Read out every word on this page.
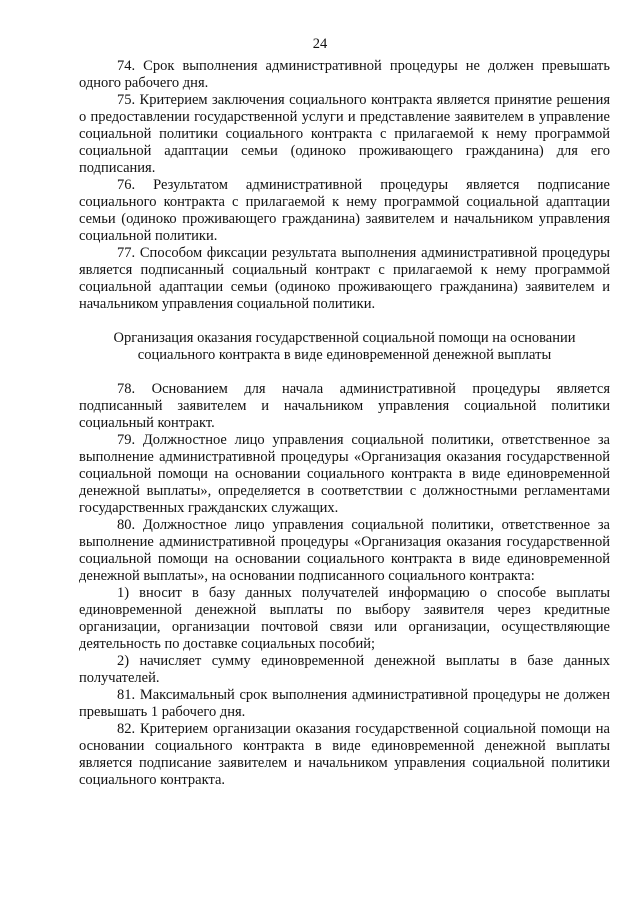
24

74. Срок выполнения административной процедуры не должен превышать одного рабочего дня.

75. Критерием заключения социального контракта является принятие решения о предоставлении государственной услуги и представление заявителем в управление социальной политики социального контракта с прилагаемой к нему программой социальной адаптации семьи (одиноко проживающего гражданина) для его подписания.

76. Результатом административной процедуры является подписание социального контракта с прилагаемой к нему программой социальной адаптации семьи (одиноко проживающего гражданина) заявителем и начальником управления социальной политики.

77. Способом фиксации результата выполнения административной процедуры является подписанный социальный контракт с прилагаемой к нему программой социальной адаптации семьи (одиноко проживающего гражданина) заявителем и начальником управления социальной политики.

Организация оказания государственной социальной помощи на основании социального контракта в виде единовременной денежной выплаты

78. Основанием для начала административной процедуры является подписанный заявителем и начальником управления социальной политики социальный контракт.

79. Должностное лицо управления социальной политики, ответственное за выполнение административной процедуры «Организация оказания государственной социальной помощи на основании социального контракта в виде единовременной денежной выплаты», определяется в соответствии с должностными регламентами государственных гражданских служащих.

80. Должностное лицо управления социальной политики, ответственное за выполнение административной процедуры «Организация оказания государственной социальной помощи на основании социального контракта в виде единовременной денежной выплаты», на основании подписанного социального контракта:

1) вносит в базу данных получателей информацию о способе выплаты единовременной денежной выплаты по выбору заявителя через кредитные организации, организации почтовой связи или организации, осуществляющие деятельность по доставке социальных пособий;

2) начисляет сумму единовременной денежной выплаты в базе данных получателей.

81. Максимальный срок выполнения административной процедуры не должен превышать 1 рабочего дня.

82. Критерием организации оказания государственной социальной помощи на основании социального контракта в виде единовременной денежной выплаты является подписание заявителем и начальником управления социальной политики социального контракта.
